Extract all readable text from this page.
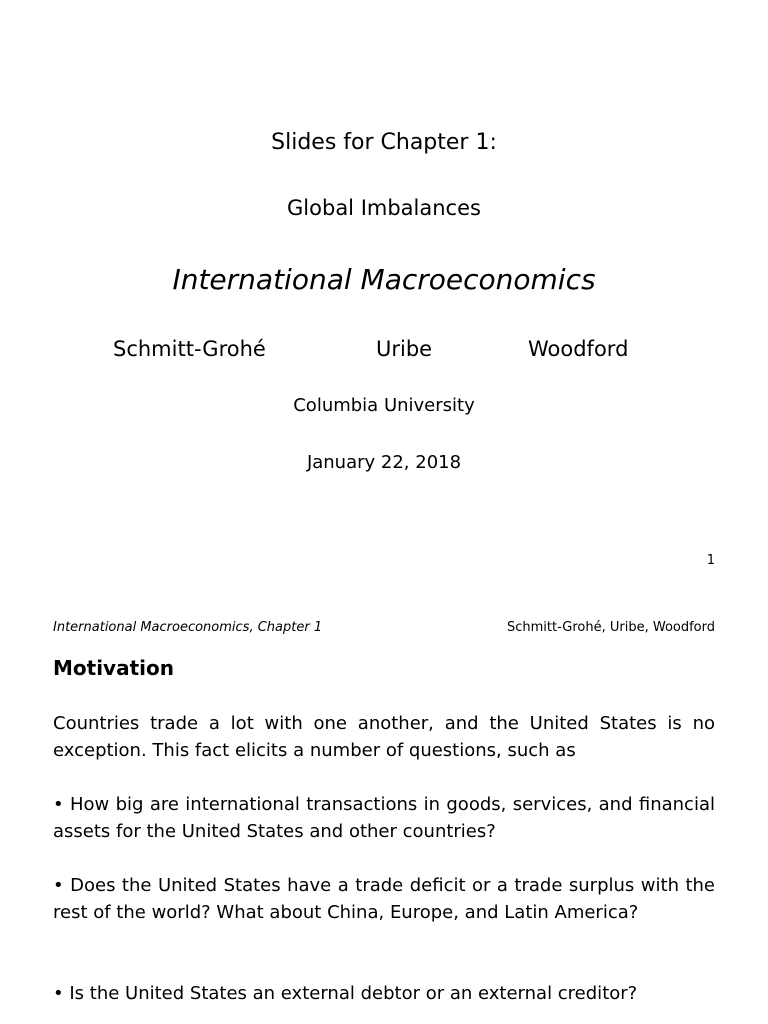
Slides for Chapter 1:
Global Imbalances
International Macroeconomics
Schmitt-Grohé	Uribe	Woodford
Columbia University
January 22, 2018
1
International Macroeconomics, Chapter 1	Schmitt-Grohé, Uribe, Woodford
Motivation
Countries trade a lot with one another, and the United States is no exception. This fact elicits a number of questions, such as
• How big are international transactions in goods, services, and financial assets for the United States and other countries?
• Does the United States have a trade deficit or a trade surplus with the rest of the world? What about China, Europe, and Latin America?
• Is the United States an external debtor or an external creditor?
